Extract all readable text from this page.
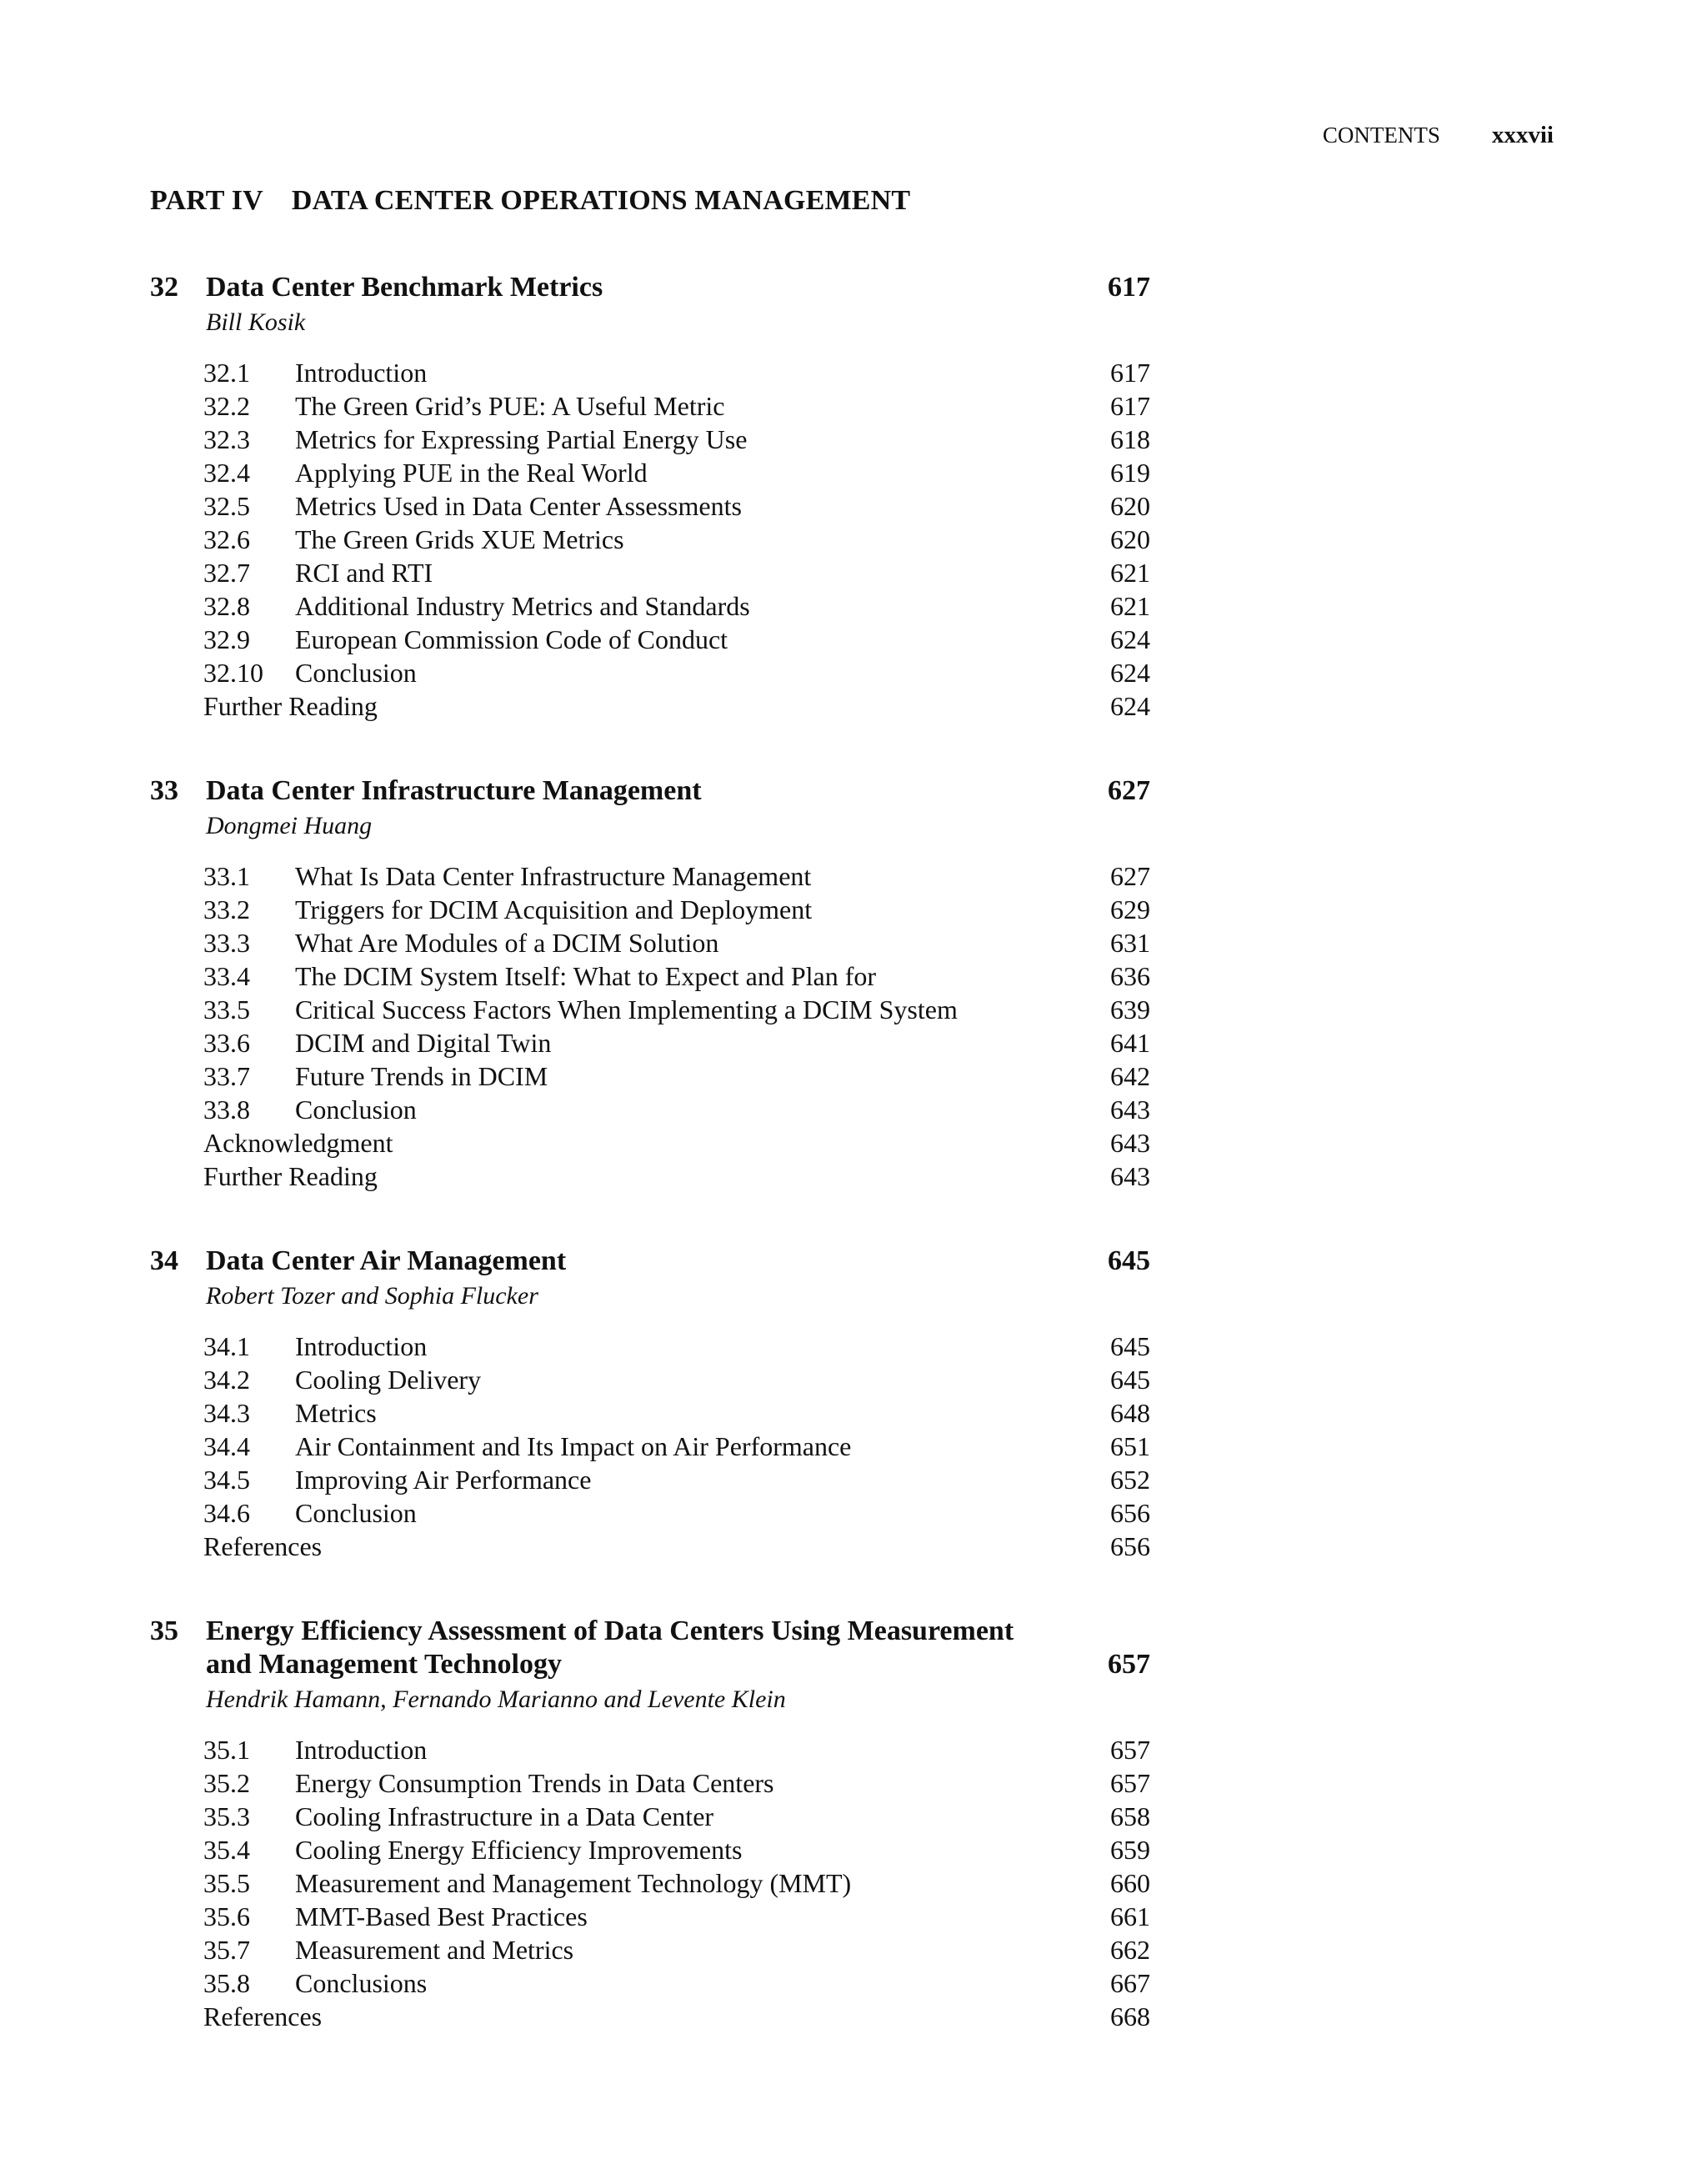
CONTENTS xxxvii
PART IV DATA CENTER OPERATIONS MANAGEMENT
32 Data Center Benchmark Metrics	617
Bill Kosik
32.1 Introduction	617
32.2 The Green Grid’s PUE: A Useful Metric	617
32.3 Metrics for Expressing Partial Energy Use	618
32.4 Applying PUE in the Real World	619
32.5 Metrics Used in Data Center Assessments	620
32.6 The Green Grids XUE Metrics	620
32.7 RCI and RTI	621
32.8 Additional Industry Metrics and Standards	621
32.9 European Commission Code of Conduct	624
32.10 Conclusion	624
Further Reading	624
33 Data Center Infrastructure Management	627
Dongmei Huang
33.1 What Is Data Center Infrastructure Management	627
33.2 Triggers for DCIM Acquisition and Deployment	629
33.3 What Are Modules of a DCIM Solution	631
33.4 The DCIM System Itself: What to Expect and Plan for	636
33.5 Critical Success Factors When Implementing a DCIM System	639
33.6 DCIM and Digital Twin	641
33.7 Future Trends in DCIM	642
33.8 Conclusion	643
Acknowledgment	643
Further Reading	643
34 Data Center Air Management	645
Robert Tozer and Sophia Flucker
34.1 Introduction	645
34.2 Cooling Delivery	645
34.3 Metrics	648
34.4 Air Containment and Its Impact on Air Performance	651
34.5 Improving Air Performance	652
34.6 Conclusion	656
References	656
35 Energy Efficiency Assessment of Data Centers Using Measurement and Management Technology	657
Hendrik Hamann, Fernando Marianno and Levente Klein
35.1 Introduction	657
35.2 Energy Consumption Trends in Data Centers	657
35.3 Cooling Infrastructure in a Data Center	658
35.4 Cooling Energy Efficiency Improvements	659
35.5 Measurement and Management Technology (MMT)	660
35.6 MMT-Based Best Practices	661
35.7 Measurement and Metrics	662
35.8 Conclusions	667
References	668
